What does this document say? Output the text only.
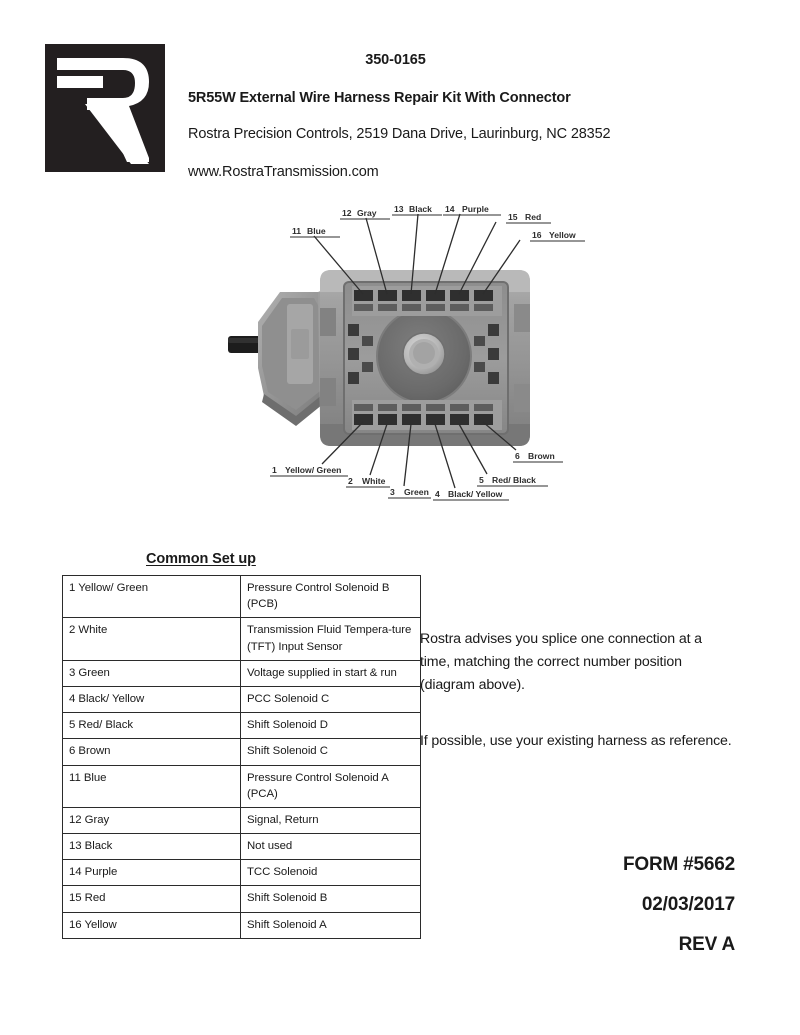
350-0165
5R55W External Wire Harness Repair Kit With Connector
Rostra Precision Controls, 2519 Dana Drive, Laurinburg, NC 28352
www.RostraTransmission.com
11 Blue
12 Gray 13 Black 14 Purple
15 Red
16 Yellow
1 Yellow/ Green
2 White
3 Green 4 Black/ Yellow
5 Red/ Black
6 Brown
Common Set up
1 Yellow/ Green	Pressure Control Solenoid B (PCB)
2 White	Transmission Fluid Tempera-ture (TFT) Input Sensor
3 Green	Voltage supplied in start & run
4 Black/ Yellow	PCC Solenoid C
5 Red/ Black	Shift Solenoid D
6 Brown	Shift Solenoid C
11 Blue	Pressure Control Solenoid A (PCA)
12 Gray	Signal, Return
13 Black	Not used
14 Purple	TCC Solenoid
15 Red	Shift Solenoid B
16 Yellow	Shift Solenoid A

Rostra advises you splice one connection at a time, matching the correct number position (diagram above).

If possible, use your existing harness as reference.

FORM #5662
02/03/2017
REV A
